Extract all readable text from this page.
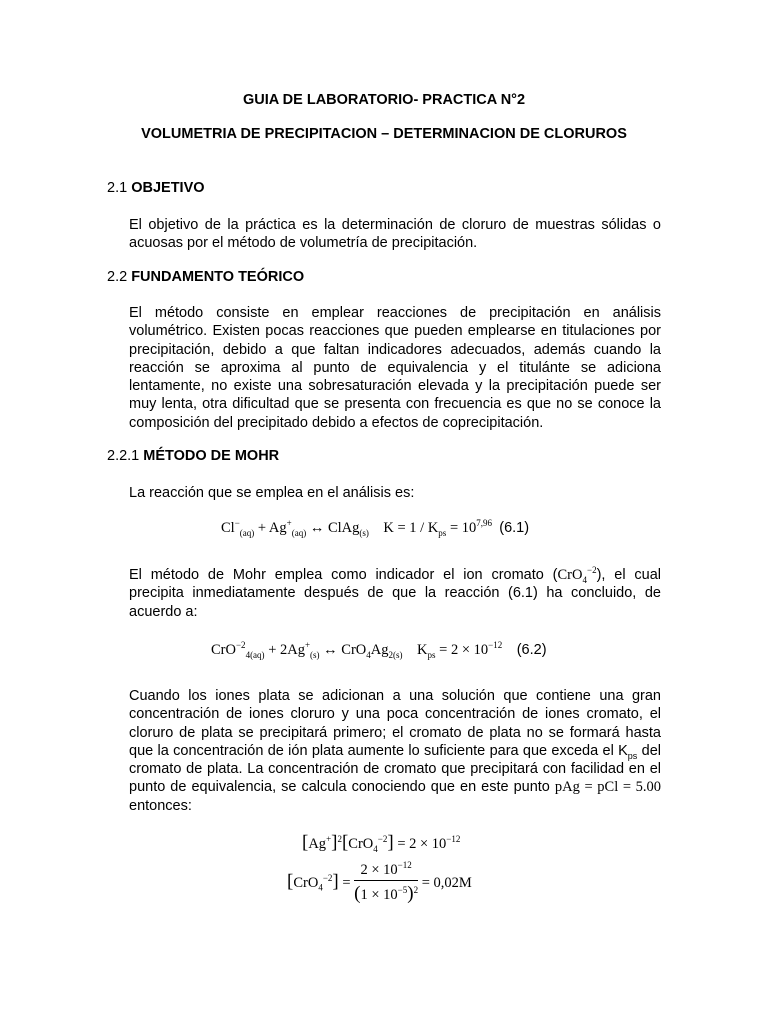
GUIA DE LABORATORIO- PRACTICA N°2

VOLUMETRIA DE PRECIPITACION – DETERMINACION DE CLORUROS

2.1 OBJETIVO

El objetivo de la práctica es la determinación de cloruro de muestras sólidas o acuosas por el método de volumetría de precipitación.

2.2 FUNDAMENTO TEÓRICO

El método consiste en emplear reacciones de precipitación en análisis volumétrico. Existen pocas reacciones que pueden emplearse en titulaciones por precipitación, debido a que faltan indicadores adecuados, además cuando la reacción se aproxima al punto de equivalencia y el titulánte se adiciona lentamente, no existe una sobresaturación elevada y la precipitación puede ser muy lenta, otra dificultad que se presenta con frecuencia es que no se conoce la composición del precipitado debido a efectos de coprecipitación.

2.2.1 MÉTODO DE MOHR

La reacción que se emplea en el análisis es:

$Cl^-_{(aq)} + Ag^+_{(aq)}$ ↔ ClAg$_{(s)}$    $K = 1 / K_{ps} = 10^{7,96}$ (6.1)

El método de Mohr emplea como indicador el ion cromato (CrO$_4^{-2}$), el cual precipita inmediatamente después de que la reacción (6.1) ha concluido, de acuerdo a:

$CrO^{-2}_{4(aq)} + 2Ag^+_{(s)}$ ↔ $CrO_4Ag_{2(s)}$    $K_{ps} = 2 \times 10^{-12}$ (6.2)

Cuando los iones plata se adicionan a una solución que contiene una gran concentración de iones cloruro y una poca concentración de iones cromato, el cloruro de plata se precipitará primero; el cromato de plata no se formará hasta que la concentración de ión plata aumente lo suficiente para que exceda el $K_{ps}$ del cromato de plata. La concentración de cromato que precipitará con facilidad en el punto de equivalencia, se calcula conociendo que en este punto pAg = pCl = 5.00 entonces:

$[Ag^+]^2[CrO_4^{-2}] = 2 \times 10^{-12}$

$[CrO_4^{-2}] = \frac{2 \times 10^{-12}}{(1 \times 10^{-5})^2} = 0,02M$
